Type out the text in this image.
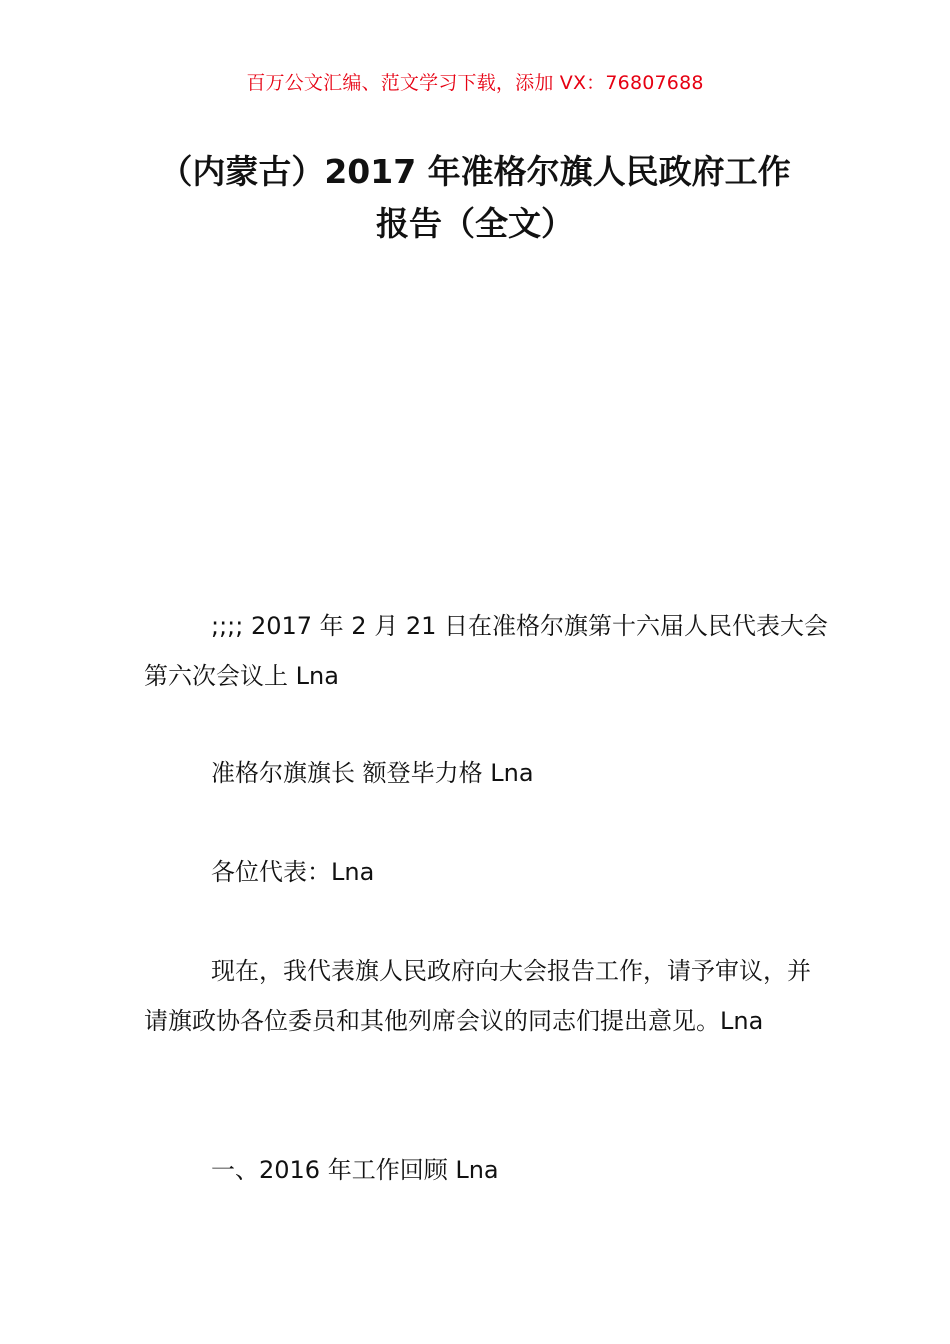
百万公文汇编、范文学习下载，添加 VX：76807688
（内蒙古）2017 年准格尔旗人民政府工作
报告（全文）
;;;; 2017 年 2 月 21 日在准格尔旗第十六届人民代表大会第六次会议上 Lna
准格尔旗旗长 额登毕力格 Lna
各位代表：Lna
现在，我代表旗人民政府向大会报告工作，请予审议，并请旗政协各位委员和其他列席会议的同志们提出意见。Lna
一、2016 年工作回顾 Lna
